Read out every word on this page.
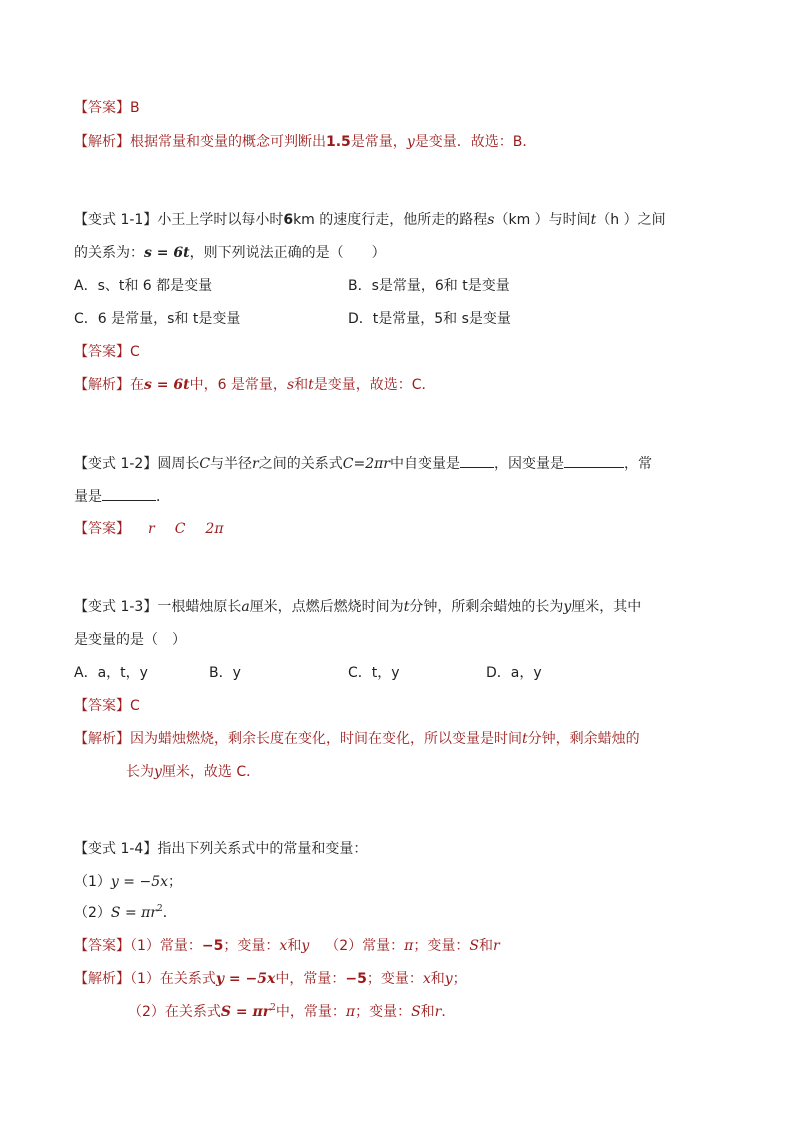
【答案】B
【解析】根据常量和变量的概念可判断出1.5是常量，y是变量．故选：B．
【变式 1-1】小王上学时以每小时6km 的速度行走，他所走的路程s（km ）与时间t（h ）之间
的关系为：s = 6t，则下列说法正确的是（　　）
A．s、t和 6 都是变量	B．s是常量，6和 t是变量
C．6 是常量，s和 t是变量	D．t是常量，5和 s是变量
【答案】C
【解析】在s = 6t中，6 是常量，s和t是变量，故选：C．
【变式 1-2】圆周长C与半径r之间的关系式C=2πr中自变量是 ，因变量是	，常
量是	．
【答案】 r C 2π
【变式 1-3】一根蜡烛原长a厘米，点燃后燃烧时间为t分钟，所剩余蜡烛的长为y厘米，其中
是变量的是（　）
A．a，t，y	B．y	C．t，y	D．a，y
【答案】C
【解析】因为蜡烛燃烧，剩余长度在变化，时间在变化，所以变量是时间t分钟，剩余蜡烛的
长为y厘米，故选 C．
【变式 1-4】指出下列关系式中的常量和变量：
（1）y = −5x；
$(2)S = \pi r^2$．
【答案】（1）常量：−5；变量：x和y （2）常量：π；变量：S和r
【解析】（1）在关系式y = −5x中，常量：−5；变量：x和y；
（2）在关系式$S = \pi r^2$中，常量：π；变量：S和r．
